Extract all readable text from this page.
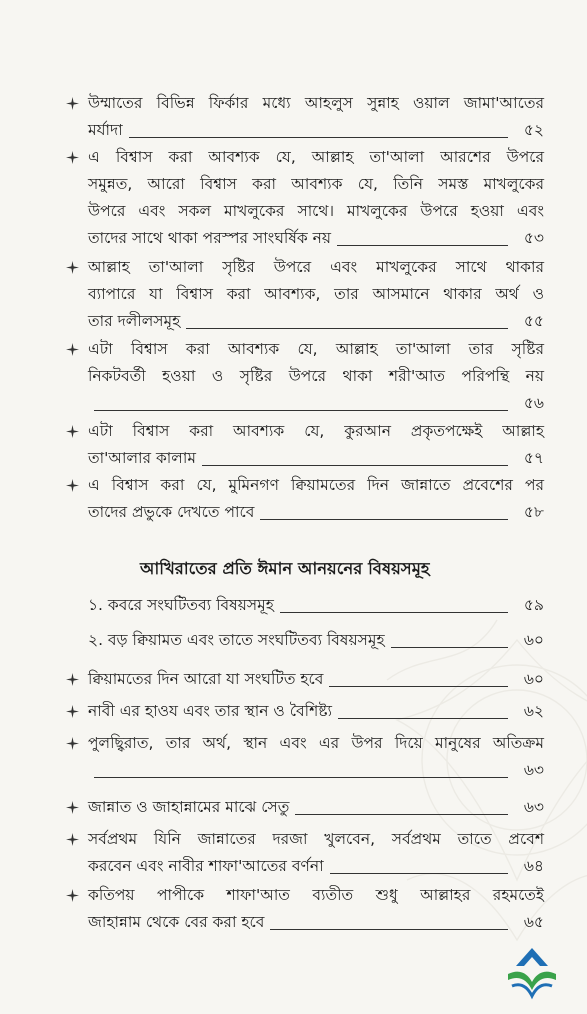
উম্মাতের বিভিন্ন ফির্কার মধ্যে আহলুস সুন্নাহ ওয়াল জামা'আতের
মর্যাদা	৫২
এ বিশ্বাস করা আবশ্যক যে, আল্লাহ তা'আলা আরশের উপরে
সমুন্নত, আরো বিশ্বাস করা আবশ্যক যে, তিনি সমস্ত মাখলুকের
উপরে এবং সকল মাখলুকের সাথে। মাখলুকের উপরে হওয়া এবং
তাদের সাথে থাকা পরস্পর সাংঘর্ষিক নয়	৫৩
আল্লাহ তা'আলা সৃষ্টির উপরে এবং মাখলুকের সাথে থাকার
ব্যাপারে যা বিশ্বাস করা আবশ্যক, তার আসমানে থাকার অর্থ ও
তার দলীলসমূহ	৫৫
এটা বিশ্বাস করা আবশ্যক যে, আল্লাহ তা'আলা তার সৃষ্টির
নিকটবর্তী হওয়া ও সৃষ্টির উপরে থাকা শরী'আত পরিপন্থি নয়
৫৬
এটা বিশ্বাস করা আবশ্যক যে, কুরআন প্রকৃতপক্ষেই আল্লাহ
তা'আলার কালাম	৫৭
এ বিশ্বাস করা যে, মুমিনগণ ক্বিয়ামতের দিন জান্নাতে প্রবেশের পর
তাদের প্রভুকে দেখতে পাবে	৫৮
আখিরাতের প্রতি ঈমান আনয়নের বিষয়সমূহ
১. কবরে সংঘটিতব্য বিষয়সমূহ	৫৯
২. বড় ক্বিয়ামত এবং তাতে সংঘটিতব্য বিষয়সমূহ	৬০
ক্বিয়ামতের দিন আরো যা সংঘটিত হবে	৬০
নাবী এর হাওয এবং তার স্থান ও বৈশিষ্ট্য	৬২
পুলছ্বিরাত, তার অর্থ, স্থান এবং এর উপর দিয়ে মানুষের অতিক্রম
৬৩
জান্নাত ও জাহান্নামের মাঝে সেতু	৬৩
সর্বপ্রথম যিনি জান্নাতের দরজা খুলবেন, সর্বপ্রথম তাতে প্রবেশ
করবেন এবং নাবীর শাফা'আতের বর্ণনা	৬৪
কতিপয় পাপীকে শাফা'আত ব্যতীত শুধু আল্লাহর রহমতেই
জাহান্নাম থেকে বের করা হবে	৬৫
